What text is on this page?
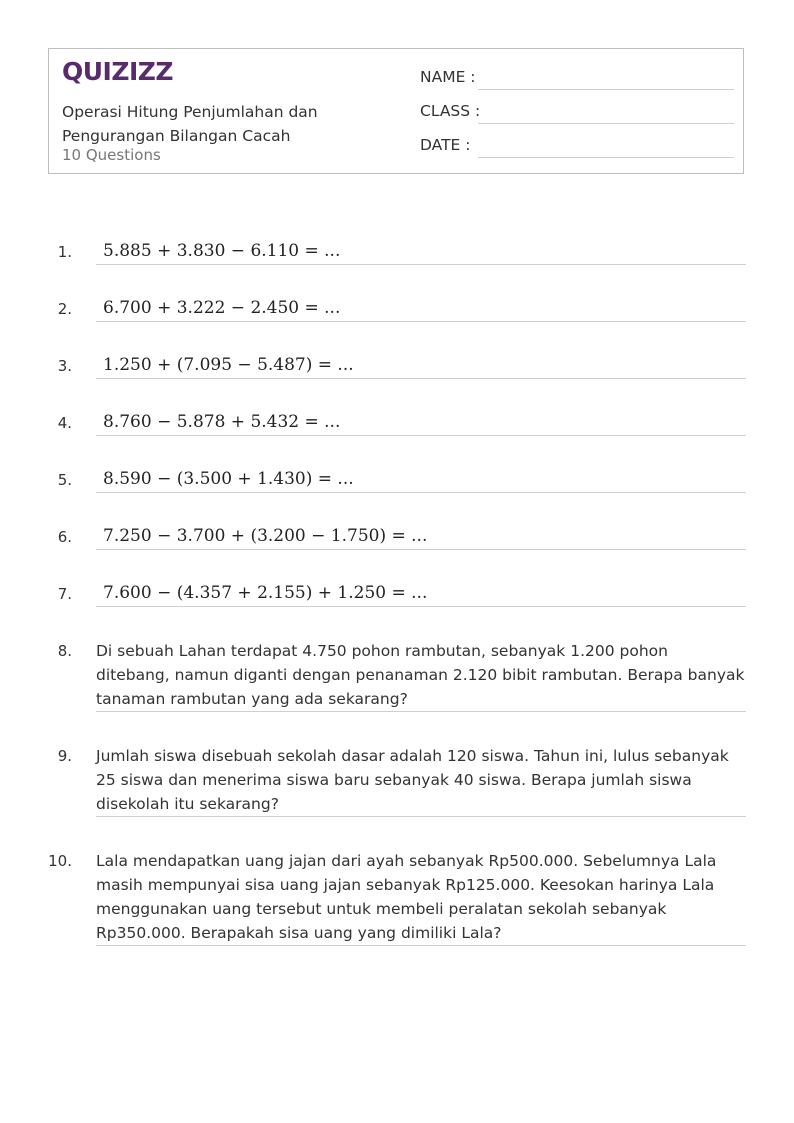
QUIZIZZ
Operasi Hitung Penjumlahan dan Pengurangan Bilangan Cacah
10 Questions
NAME :
CLASS :
DATE :
1. 5.885 + 3.830 − 6.110 = ...
2. 6.700 + 3.222 − 2.450 = ...
3. 1.250 + (7.095 − 5.487) = ...
4. 8.760 − 5.878 + 5.432 = ...
5. 8.590 − (3.500 + 1.430) = ...
6. 7.250 − 3.700 + (3.200 − 1.750) = ...
7. 7.600 − (4.357 + 2.155) + 1.250 = ...
8. Di sebuah Lahan terdapat 4.750 pohon rambutan, sebanyak 1.200 pohon ditebang, namun diganti dengan penanaman 2.120 bibit rambutan. Berapa banyak tanaman rambutan yang ada sekarang?
9. Jumlah siswa disebuah sekolah dasar adalah 120 siswa. Tahun ini, lulus sebanyak 25 siswa dan menerima siswa baru sebanyak 40 siswa. Berapa jumlah siswa disekolah itu sekarang?
10. Lala mendapatkan uang jajan dari ayah sebanyak Rp500.000. Sebelumnya Lala masih mempunyai sisa uang jajan sebanyak Rp125.000. Keesokan harinya Lala menggunakan uang tersebut untuk membeli peralatan sekolah sebanyak Rp350.000. Berapakah sisa uang yang dimiliki Lala?
